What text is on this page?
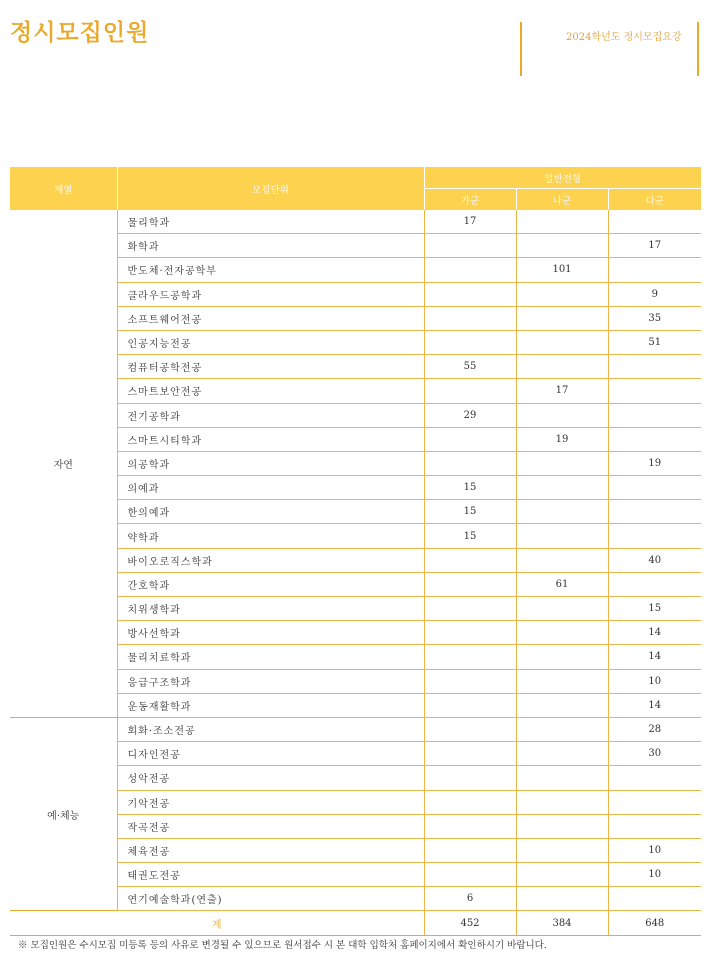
정시모집인원	2024학년도 정시모집요강
계열	모집단위	일반전형		
		가군	나군	다군
자연	물리학과	17		
	화학과			17
	반도체·전자공학부		101	
	클라우드공학과			9
	소프트웨어전공			35
	인공지능전공			51
	컴퓨터공학전공	55		
	스마트보안전공		17	
	전기공학과	29		
	스마트시티학과		19	
	의공학과			19
	의예과	15		
	한의예과	15		
	약학과	15		
	바이오로직스학과			40
	간호학과		61	
	치위생학과			15
	방사선학과			14
	물리치료학과			14
	응급구조학과			10
	운동재활학과			14
예·체능	회화·조소전공			28
	디자인전공			30
	성악전공			
	기악전공			
	작곡전공			
	체육전공			10
	태권도전공			10
	연기예술학과(연출)	6		
계		452	384	648
※ 모집인원은 수시모집 미등록 등의 사유로 변경될 수 있으므로 원서접수 시 본 대학 입학처 홈페이지에서 확인하시기 바랍니다.
